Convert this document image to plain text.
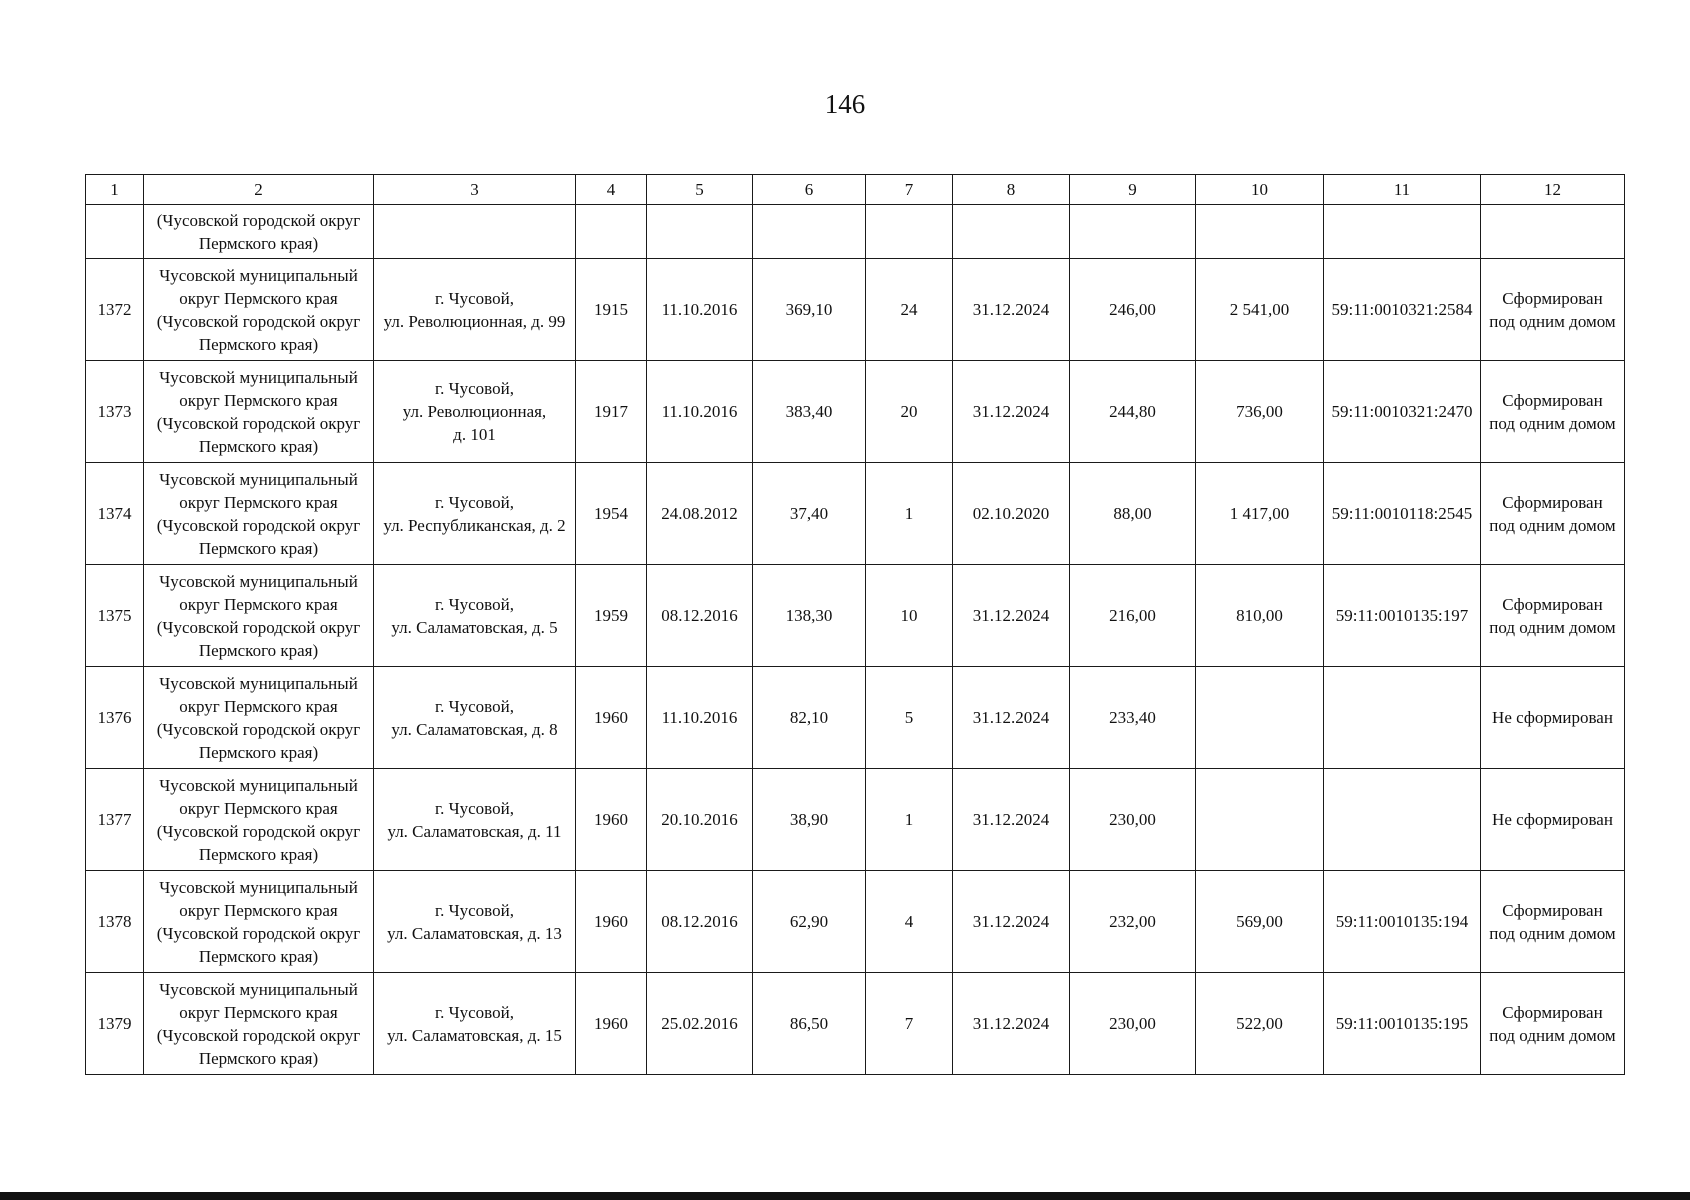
146
1	2	3	4	5	6	7	8	9	10	11	12

	(Чусовской городской округ
Пермского края)										

1372	Чусовской муниципальный
округ Пермского края
(Чусовской городской округ
Пермского края)	г. Чусовой,
ул. Революционная, д. 99	1915	11.10.2016	369,10	24	31.12.2024	246,00	2 541,00	59:11:0010321:2584	Сформирован
под одним домом

1373	Чусовской муниципальный
округ Пермского края
(Чусовской городской округ
Пермского края)	г. Чусовой,
ул. Революционная,
д. 101	1917	11.10.2016	383,40	20	31.12.2024	244,80	736,00	59:11:0010321:2470	Сформирован
под одним домом

1374	Чусовской муниципальный
округ Пермского края
(Чусовской городской округ
Пермского края)	г. Чусовой,
ул. Республиканская, д. 2	1954	24.08.2012	37,40	1	02.10.2020	88,00	1 417,00	59:11:0010118:2545	Сформирован
под одним домом

1375	Чусовской муниципальный
округ Пермского края
(Чусовской городской округ
Пермского края)	г. Чусовой,
ул. Саламатовская, д. 5	1959	08.12.2016	138,30	10	31.12.2024	216,00	810,00	59:11:0010135:197	Сформирован
под одним домом

1376	Чусовской муниципальный
округ Пермского края
(Чусовской городской округ
Пермского края)	г. Чусовой,
ул. Саламатовская, д. 8	1960	11.10.2016	82,10	5	31.12.2024	233,40			Не сформирован

1377	Чусовской муниципальный
округ Пермского края
(Чусовской городской округ
Пермского края)	г. Чусовой,
ул. Саламатовская, д. 11	1960	20.10.2016	38,90	1	31.12.2024	230,00			Не сформирован

1378	Чусовской муниципальный
округ Пермского края
(Чусовской городской округ
Пермского края)	г. Чусовой,
ул. Саламатовская, д. 13	1960	08.12.2016	62,90	4	31.12.2024	232,00	569,00	59:11:0010135:194	Сформирован
под одним домом

1379	Чусовской муниципальный
округ Пермского края
(Чусовской городской округ
Пермского края)	г. Чусовой,
ул. Саламатовская, д. 15	1960	25.02.2016	86,50	7	31.12.2024	230,00	522,00	59:11:0010135:195	Сформирован
под одним домом
